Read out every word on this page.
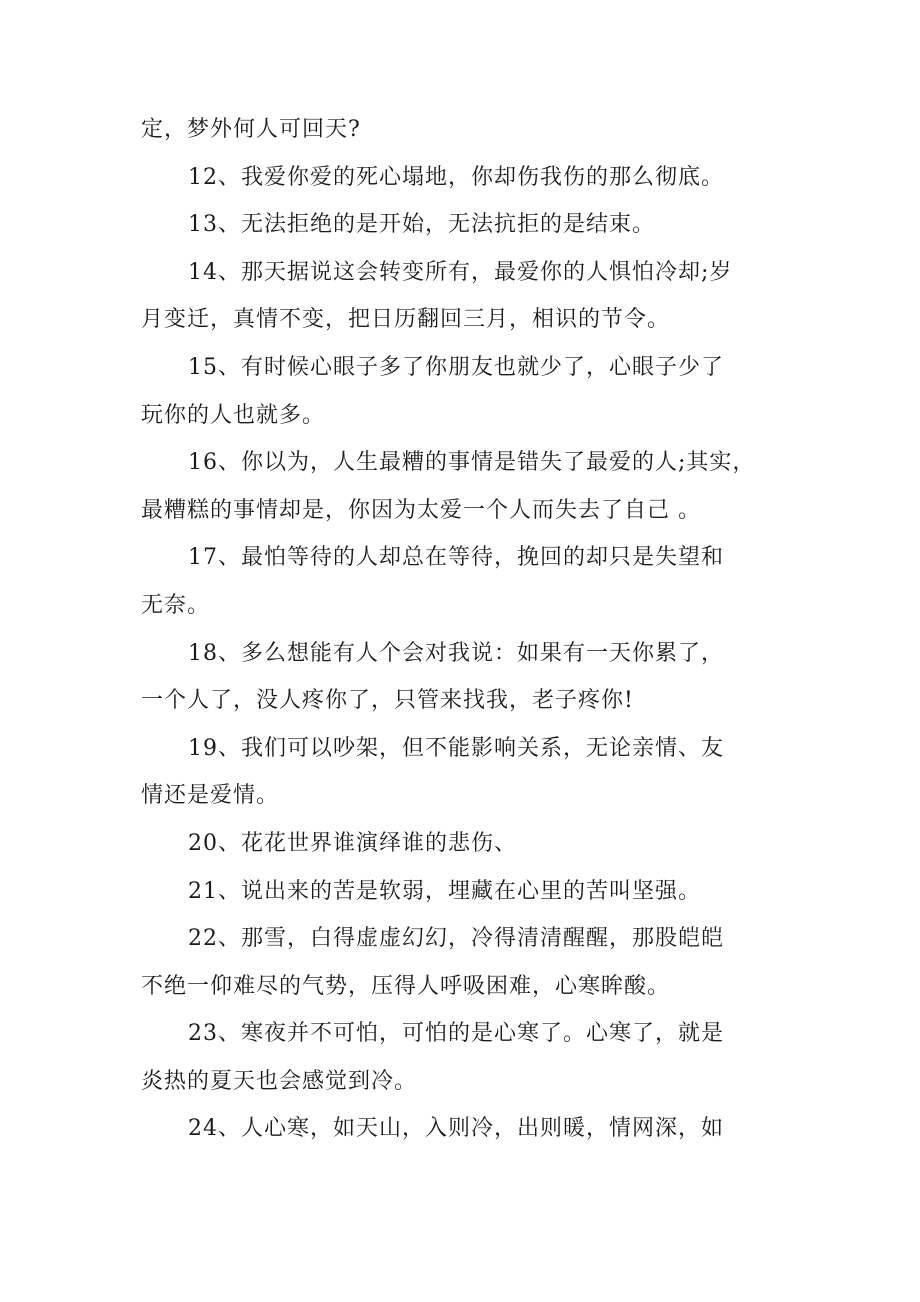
定，梦外何人可回天?
12、我爱你爱的死心塌地，你却伤我伤的那么彻底。
13、无法拒绝的是开始，无法抗拒的是结束。
14、那天据说这会转变所有，最爱你的人惧怕冷却;岁
月变迁，真情不变，把日历翻回三月，相识的节令。
15、有时候心眼子多了你朋友也就少了，心眼子少了
玩你的人也就多。
16、你以为，人生最糟的事情是错失了最爱的人;其实，
最糟糕的事情却是，你因为太爱一个人而失去了自己 。
17、最怕等待的人却总在等待，挽回的却只是失望和
无奈。
18、多么想能有人个会对我说：如果有一天你累了，
一个人了，没人疼你了，只管来找我，老子疼你!
19、我们可以吵架，但不能影响关系，无论亲情、友
情还是爱情。
20、花花世界谁演绎谁的悲伤、
21、说出来的苦是软弱，埋藏在心里的苦叫坚强。
22、那雪，白得虚虚幻幻，冷得清清醒醒，那股皑皑
不绝一仰难尽的气势，压得人呼吸困难，心寒眸酸。
23、寒夜并不可怕，可怕的是心寒了。心寒了，就是
炎热的夏天也会感觉到冷。
24、人心寒，如天山，入则冷，出则暖，情网深，如
